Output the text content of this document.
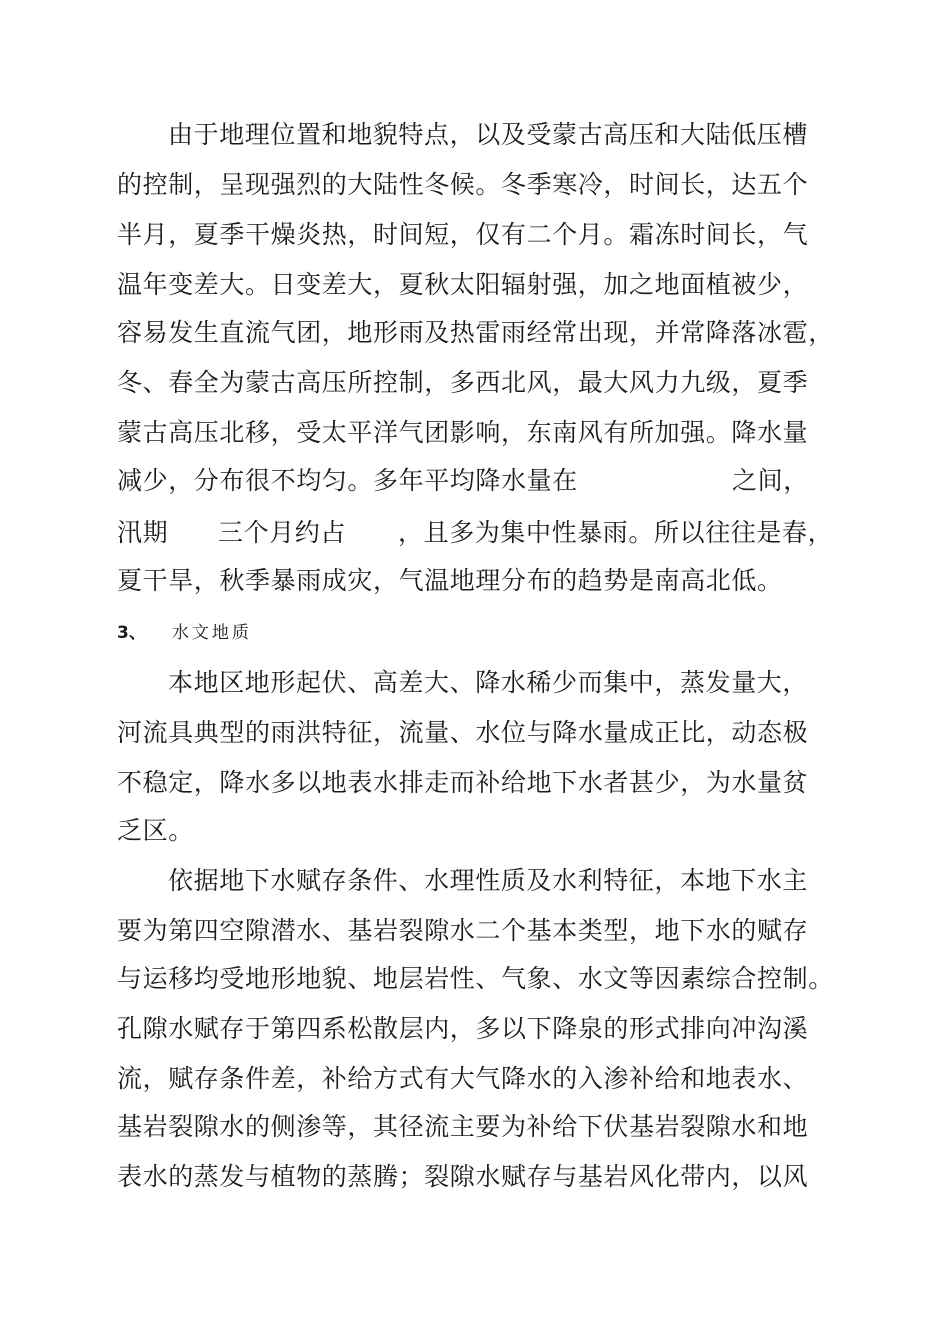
由于地理位置和地貌特点，以及受蒙古高压和大陆低压槽
的控制，呈现强烈的大陆性冬候。冬季寒冷，时间长，达五个
半月，夏季干燥炎热，时间短，仅有二个月。霜冻时间长，气
温年变差大。日变差大，夏秋太阳辐射强，加之地面植被少，
容易发生直流气团，地形雨及热雷雨经常出现，并常降落冰雹，
冬、春全为蒙古高压所控制，多西北风，最大风力九级，夏季
蒙古高压北移，受太平洋气团影响，东南风有所加强。降水量
减少，分布很不均匀。多年平均降水量在	之间，
汛期 三个月约占 ，且多为集中性暴雨。所以往往是春，
夏干旱，秋季暴雨成灾，气温地理分布的趋势是南高北低。
3、 水文地质
本地区地形起伏、高差大、降水稀少而集中，蒸发量大，
河流具典型的雨洪特征，流量、水位与降水量成正比，动态极
不稳定，降水多以地表水排走而补给地下水者甚少，为水量贫
乏区。
依据地下水赋存条件、水理性质及水利特征，本地下水主
要为第四空隙潜水、基岩裂隙水二个基本类型，地下水的赋存
与运移均受地形地貌、地层岩性、气象、水文等因素综合控制。
孔隙水赋存于第四系松散层内，多以下降泉的形式排向冲沟溪
流，赋存条件差，补给方式有大气降水的入渗补给和地表水、
基岩裂隙水的侧渗等，其径流主要为补给下伏基岩裂隙水和地
表水的蒸发与植物的蒸腾；裂隙水赋存与基岩风化带内，以风
